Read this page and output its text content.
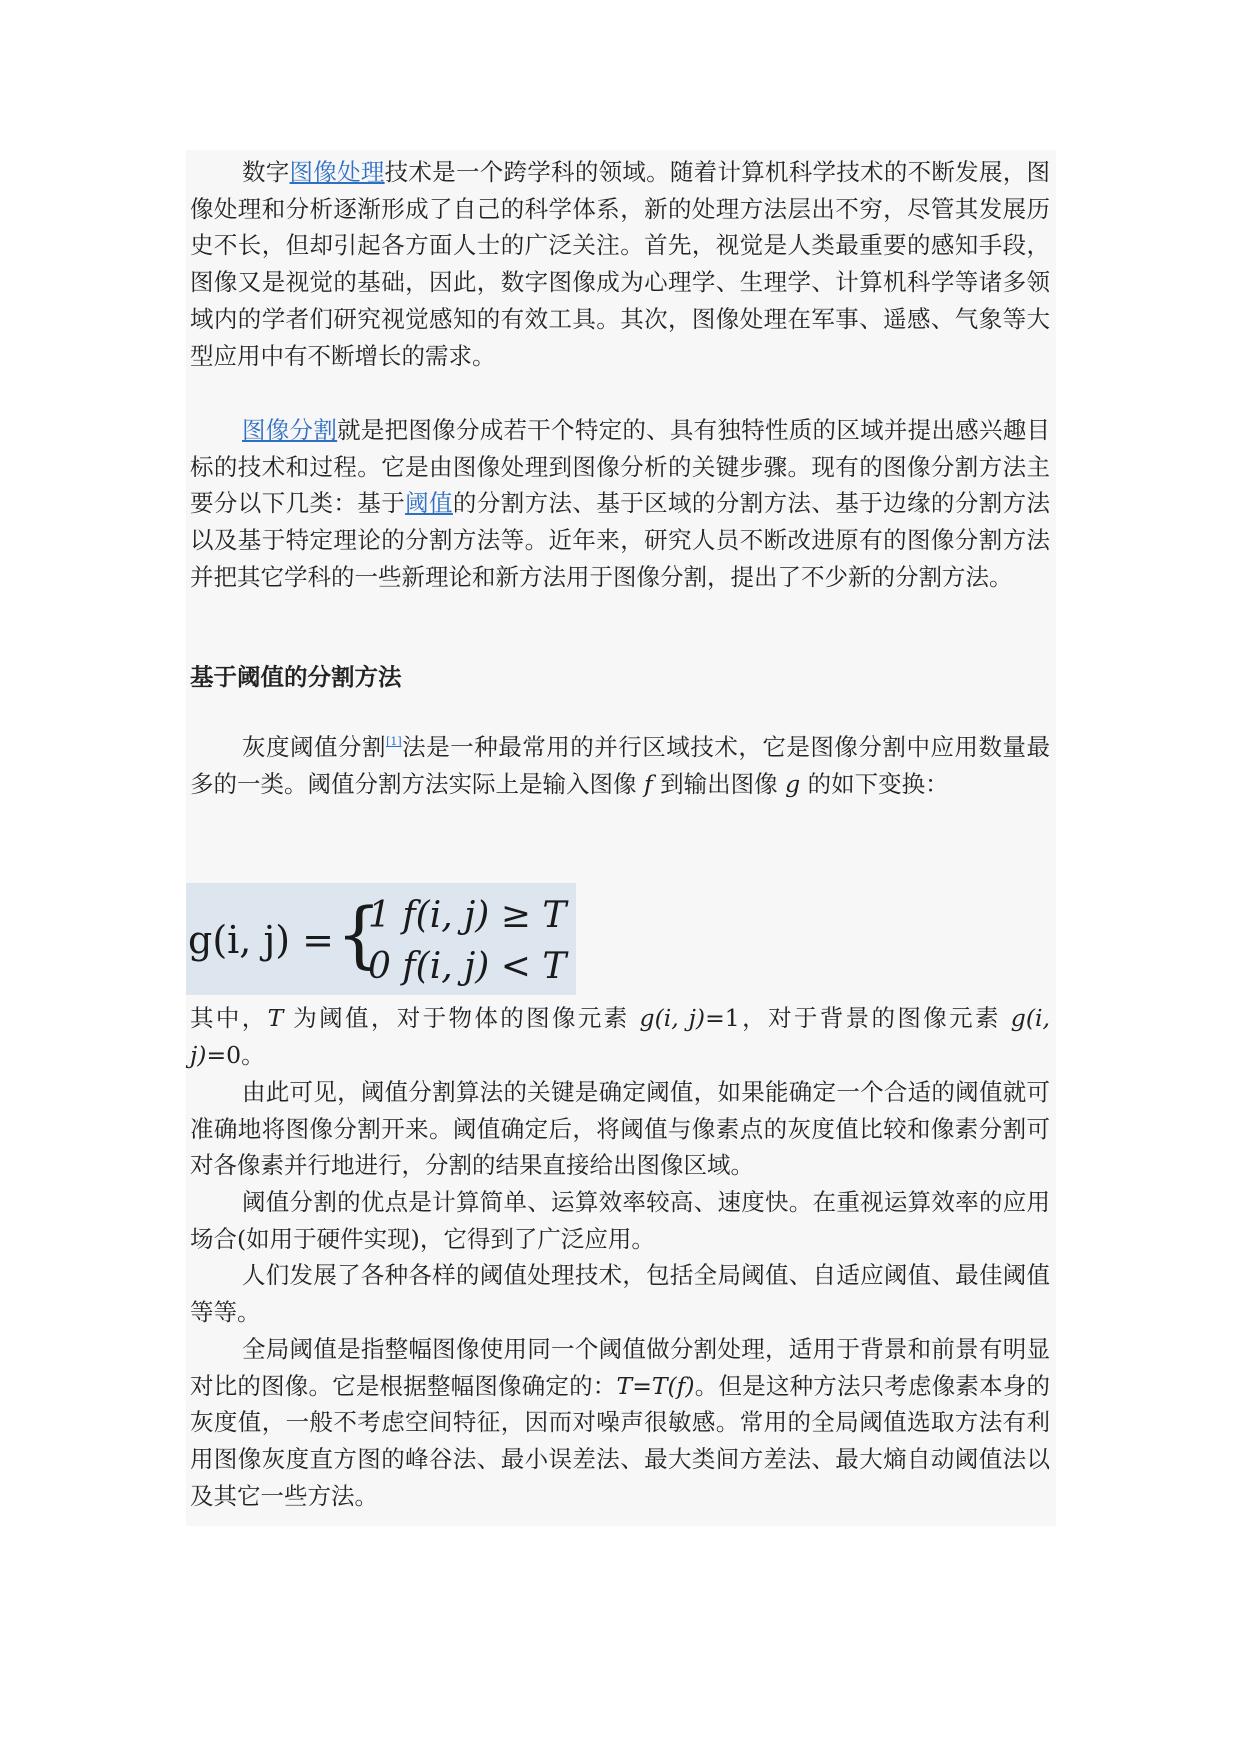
数字图像处理技术是一个跨学科的领域。随着计算机科学技术的不断发展，图像处理和分析逐渐形成了自己的科学体系，新的处理方法层出不穷，尽管其发展历史不长，但却引起各方面人士的广泛关注。首先，视觉是人类最重要的感知手段，图像又是视觉的基础，因此，数字图像成为心理学、生理学、计算机科学等诸多领域内的学者们研究视觉感知的有效工具。其次，图像处理在军事、遥感、气象等大型应用中有不断增长的需求。

图像分割就是把图像分成若干个特定的、具有独特性质的区域并提出感兴趣目标的技术和过程。它是由图像处理到图像分析的关键步骤。现有的图像分割方法主要分以下几类：基于阈值的分割方法、基于区域的分割方法、基于边缘的分割方法以及基于特定理论的分割方法等。近年来，研究人员不断改进原有的图像分割方法并把其它学科的一些新理论和新方法用于图像分割，提出了不少新的分割方法。

基于阈值的分割方法

灰度阈值分割[1]法是一种最常用的并行区域技术，它是图像分割中应用数量最多的一类。阈值分割方法实际上是输入图像 f 到输出图像 g 的如下变换：

g(i, j) = {
1 f(i, j) ≥ T
0 f(i, j) < T

其中，T 为阈值，对于物体的图像元素 g(i, j)=1，对于背景的图像元素 g(i, j)=0。

由此可见，阈值分割算法的关键是确定阈值，如果能确定一个合适的阈值就可准确地将图像分割开来。阈值确定后，将阈值与像素点的灰度值比较和像素分割可对各像素并行地进行，分割的结果直接给出图像区域。

阈值分割的优点是计算简单、运算效率较高、速度快。在重视运算效率的应用场合(如用于硬件实现)，它得到了广泛应用。

人们发展了各种各样的阈值处理技术，包括全局阈值、自适应阈值、最佳阈值等等。

全局阈值是指整幅图像使用同一个阈值做分割处理，适用于背景和前景有明显对比的图像。它是根据整幅图像确定的：T=T(f)。但是这种方法只考虑像素本身的灰度值，一般不考虑空间特征，因而对噪声很敏感。常用的全局阈值选取方法有利用图像灰度直方图的峰谷法、最小误差法、最大类间方差法、最大熵自动阈值法以及其它一些方法。
